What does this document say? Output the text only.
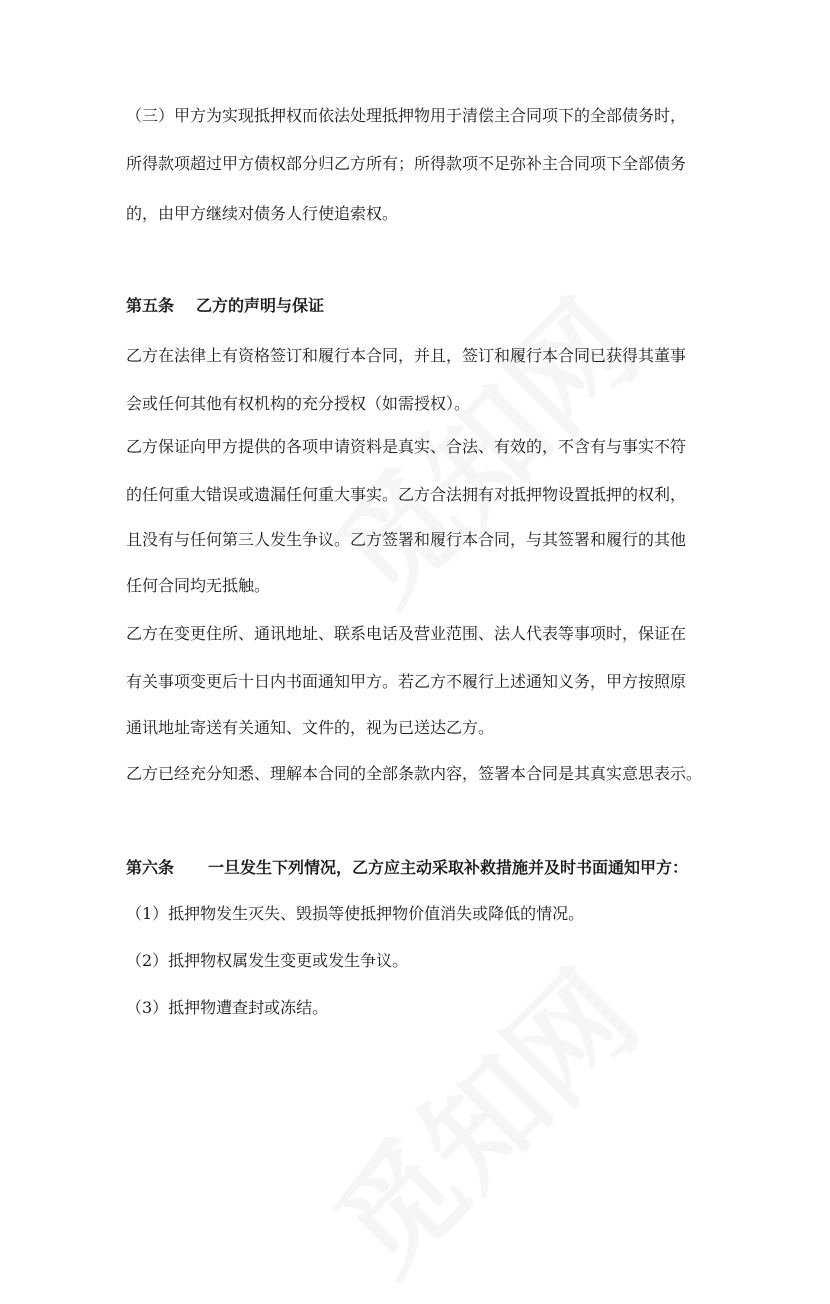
（三）甲方为实现抵押权而依法处理抵押物用于清偿主合同项下的全部债务时，
所得款项超过甲方债权部分归乙方所有；所得款项不足弥补主合同项下全部债务
的，由甲方继续对债务人行使追索权。
第五条 乙方的声明与保证
乙方在法律上有资格签订和履行本合同，并且，签订和履行本合同已获得其董事
会或任何其他有权机构的充分授权（如需授权）。
乙方保证向甲方提供的各项申请资料是真实、合法、有效的，不含有与事实不符
的任何重大错误或遗漏任何重大事实。乙方合法拥有对抵押物设置抵押的权利，
且没有与任何第三人发生争议。乙方签署和履行本合同，与其签署和履行的其他
任何合同均无抵触。
乙方在变更住所、通讯地址、联系电话及营业范围、法人代表等事项时，保证在
有关事项变更后十日内书面通知甲方。若乙方不履行上述通知义务，甲方按照原
通讯地址寄送有关通知、文件的，视为已送达乙方。
乙方已经充分知悉、理解本合同的全部条款内容，签署本合同是其真实意思表示。
第六条 一旦发生下列情况，乙方应主动采取补救措施并及时书面通知甲方：
（1）抵押物发生灭失、毁损等使抵押物价值消失或降低的情况。
（2）抵押物权属发生变更或发生争议。
（3）抵押物遭查封或冻结。
